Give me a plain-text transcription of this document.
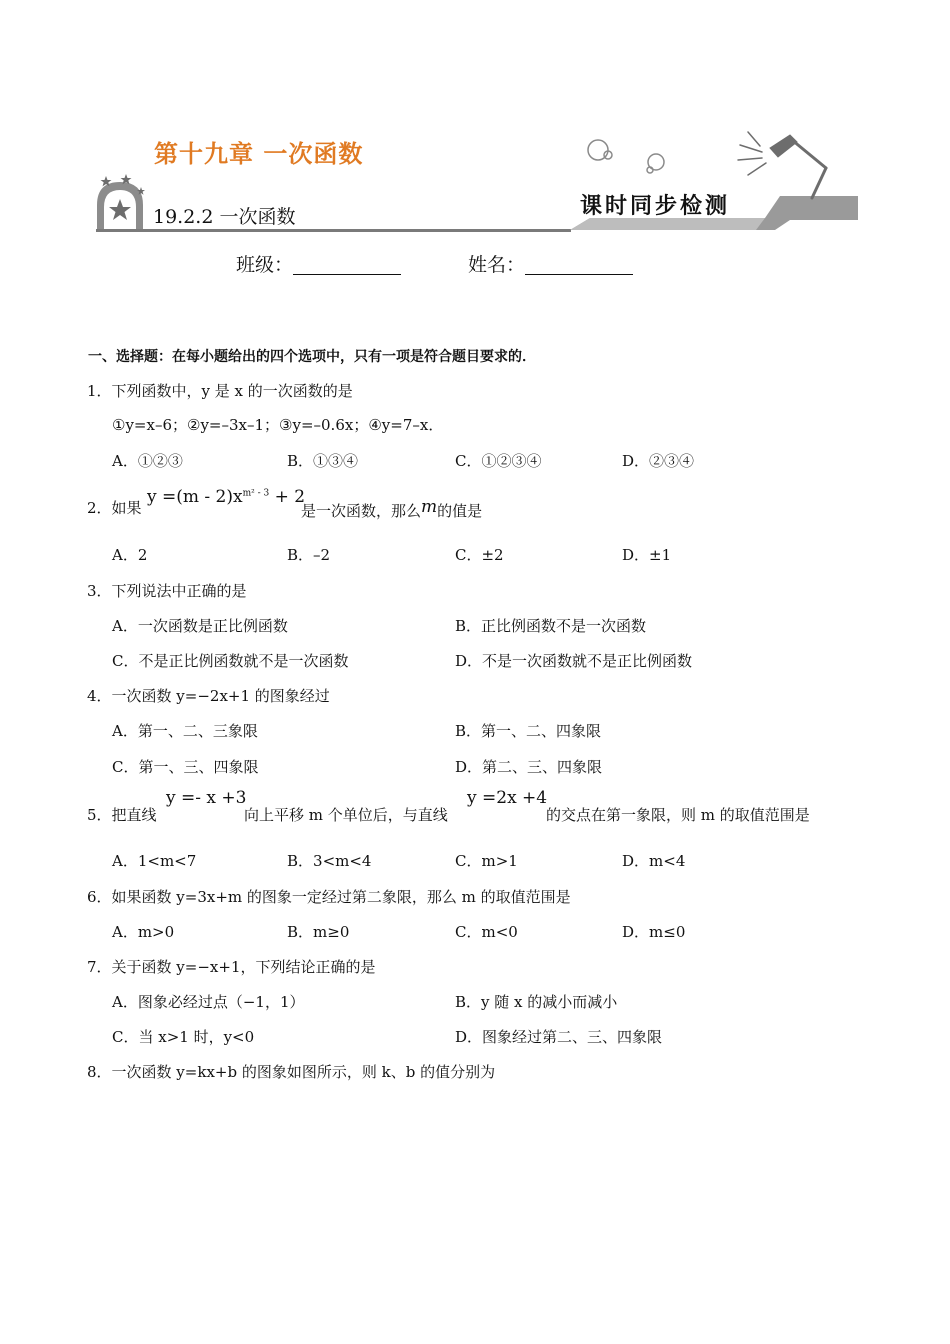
第十九章 一次函数
19.2.2 一次函数	课时同步检测
班级：	姓名：
一、选择题：在每小题给出的四个选项中，只有一项是符合题目要求的．
1．下列函数中，y 是 x 的一次函数的是
①y=x–6；②y=–3x–1；③y=–0.6x；④y=7–x．
A．①②③	B．①③④	C．①②③④	D．②③④
2．如果
$y =(m - 2)x^{m^2 - 3} + 2$
是一次函数，那么m的值是
A．2	B．–2	C．±2	D．±1
3．下列说法中正确的是
A．一次函数是正比例函数	B．正比例函数不是一次函数
C．不是正比例函数就不是一次函数	D．不是一次函数就不是正比例函数
4．一次函数 y=−2x+1 的图象经过
A．第一、二、三象限	B．第一、二、四象限
C．第一、三、四象限	D．第二、三、四象限
5．把直线
y =- x +3
向上平移 m 个单位后，与直线
y =2x +4
的交点在第一象限，则 m 的取值范围是
A．1<m<7	B．3<m<4	C．m>1	D．m<4
6．如果函数 y=3x+m 的图象一定经过第二象限，那么 m 的取值范围是
A．m>0	B．m≥0	C．m<0	D．m≤0
7．关于函数 y=−x+1，下列结论正确的是
A．图象必经过点（−1，1）	B．y 随 x 的减小而减小
C．当 x>1 时，y<0	D．图象经过第二、三、四象限
8．一次函数 y=kx+b 的图象如图所示，则 k、b 的值分别为
